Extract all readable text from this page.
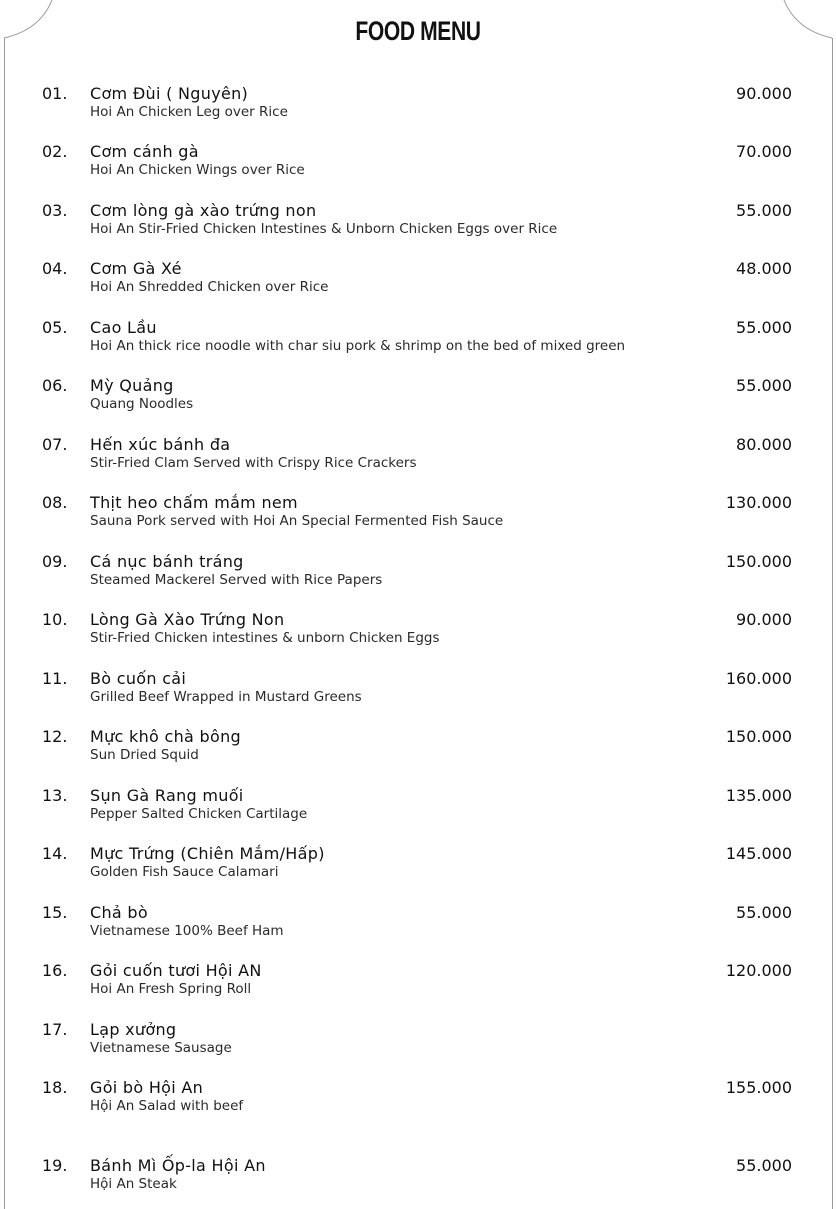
FOOD MENU
01. Cơm Đùi ( Nguyên)
Hoi An Chicken Leg over Rice
90.000
02. Cơm cánh gà
Hoi An Chicken Wings over Rice
70.000
03. Cơm lòng gà xào trứng non
Hoi An Stir-Fried Chicken Intestines & Unborn Chicken Eggs over Rice
55.000
04. Cơm Gà Xé
Hoi An Shredded Chicken over Rice
48.000
05. Cao Lầu
Hoi An thick rice noodle with char siu pork & shrimp on the bed of mixed green
55.000
06. Mỳ Quảng
Quang Noodles
55.000
07. Hến xúc bánh đa
Stir-Fried Clam Served with Crispy Rice Crackers
80.000
08. Thịt heo chấm mắm nem
Sauna Pork served with Hoi An Special Fermented Fish Sauce
130.000
09. Cá nục bánh tráng
Steamed Mackerel Served with Rice Papers
150.000
10. Lòng Gà Xào Trứng Non
Stir-Fried Chicken intestines & unborn Chicken Eggs
90.000
11. Bò cuốn cải
Grilled Beef Wrapped in Mustard Greens
160.000
12. Mực khô chà bông
Sun Dried Squid
150.000
13. Sụn Gà Rang muối
Pepper Salted Chicken Cartilage
135.000
14. Mực Trứng (Chiên Mắm/Hấp)
Golden Fish Sauce Calamari
145.000
15. Chả bò
Vietnamese 100% Beef Ham
55.000
16. Gỏi cuốn tươi Hội AN
Hoi An Fresh Spring Roll
120.000
17. Lạp xưởng
Vietnamese Sausage
18. Gỏi bò Hội An
Hội An Salad with beef
155.000
19. Bánh Mì Ốp-la Hội An
Hội An Steak
55.000
